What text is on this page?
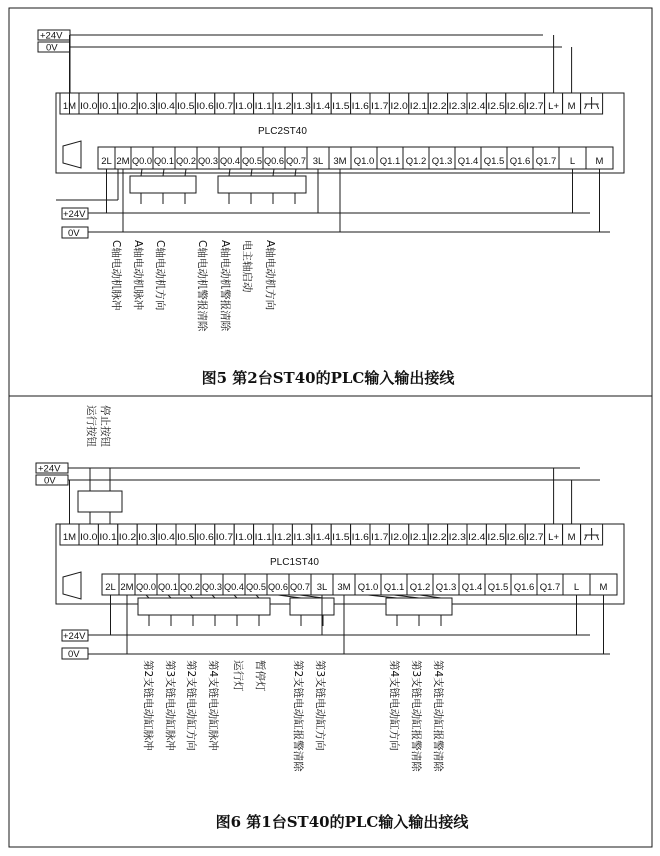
+24V
0V
1M I0.0 I0.1 I0.2 I0.3 I0.4 I0.5 I0.6 I0.7 I1.0 I1.1 I1.2 I1.3 I1.4 I1.5 I1.6 I1.7 I2.0 I2.1 I2.2 I2.3 I2.4 I2.5 I2.6 I2.7 L+ M
PLC2ST40
2L 2M Q0.0 Q0.1 Q0.2 Q0.3 Q0.4 Q0.5 Q0.6 Q0.7 3L 3M Q1.0 Q1.1 Q1.2 Q1.3 Q1.4 Q1.5 Q1.6 Q1.7 L M
+24V
0V
C轴电动机脉冲 A轴电动机脉冲 C轴电动机方向	C轴电动机警报清除 A轴电动机警报清除 电主轴启动 A轴电动机方向
图5 第2台ST40的PLC输入输出接线
运行按钮 停止按钮
+24V
0V
1M I0.0 I0.1 I0.2 I0.3 I0.4 I0.5 I0.6 I0.7 I1.0 I1.1 I1.2 I1.3 I1.4 I1.5 I1.6 I1.7 I2.0 I2.1 I2.2 I2.3 I2.4 I2.5 I2.6 I2.7 L+ M
PLC1ST40
2L 2M Q0.0 Q0.1 Q0.2 Q0.3 Q0.4 Q0.5 Q0.6 Q0.7 3L 3M Q1.0 Q1.1 Q1.2 Q1.3 Q1.4 Q1.5 Q1.6 Q1.7 L M
+24V
0V
第2支链电动缸脉冲 第3支链电动缸脉冲 第2支链电动缸方向 第4支链电动缸脉冲 运行灯 暂停灯 第2支链电动缸报警清除 第3支链电动缸方向	第4支链电动缸方向 第3支链电动缸报警清除 第4支链电动缸报警清除
图6 第1台ST40的PLC输入输出接线
